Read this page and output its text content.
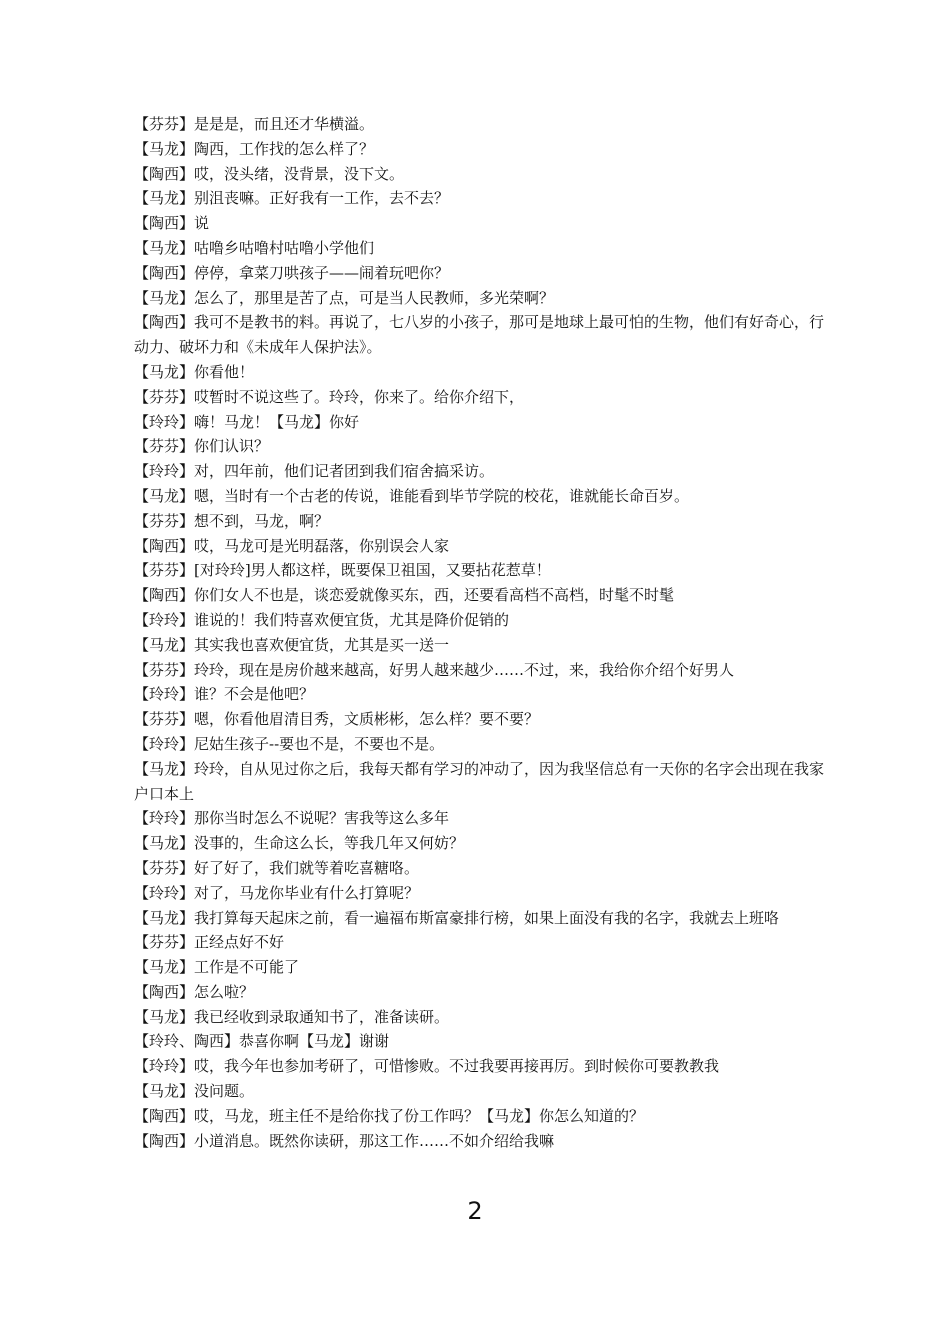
【芬芬】是是是，而且还才华横溢。
【马龙】陶西，工作找的怎么样了？
【陶西】哎，没头绪，没背景，没下文。
【马龙】别沮丧嘛。正好我有一工作，去不去？
【陶西】说
【马龙】咕噜乡咕噜村咕噜小学他们
【陶西】停停，拿菜刀哄孩子——闹着玩吧你？
【马龙】怎么了，那里是苦了点，可是当人民教师，多光荣啊？
【陶西】我可不是教书的料。再说了，七八岁的小孩子，那可是地球上最可怕的生物，他们有好奇心，行动力、破坏力和《未成年人保护法》。
【马龙】你看他！
【芬芬】哎暂时不说这些了。玲玲，你来了。给你介绍下，
【玲玲】嗨！马龙！【马龙】你好
【芬芬】你们认识？
【玲玲】对，四年前，他们记者团到我们宿舍搞采访。
【马龙】嗯，当时有一个古老的传说，谁能看到毕节学院的校花，谁就能长命百岁。
【芬芬】想不到，马龙，啊？
【陶西】哎，马龙可是光明磊落，你别误会人家
【芬芬】[对玲玲]男人都这样，既要保卫祖国，又要拈花惹草！
【陶西】你们女人不也是，谈恋爱就像买东，西，还要看高档不高档，时髦不时髦
【玲玲】谁说的！我们特喜欢便宜货，尤其是降价促销的
【马龙】其实我也喜欢便宜货，尤其是买一送一
【芬芬】玲玲，现在是房价越来越高，好男人越来越少……不过，来，我给你介绍个好男人
【玲玲】谁？不会是他吧？
【芬芬】嗯，你看他眉清目秀，文质彬彬，怎么样？要不要？
【玲玲】尼姑生孩子--要也不是，不要也不是。
【马龙】玲玲，自从见过你之后，我每天都有学习的冲动了，因为我坚信总有一天你的名字会出现在我家户口本上
【玲玲】那你当时怎么不说呢？害我等这么多年
【马龙】没事的，生命这么长，等我几年又何妨？
【芬芬】好了好了，我们就等着吃喜糖咯。
【玲玲】对了，马龙你毕业有什么打算呢？
【马龙】我打算每天起床之前，看一遍福布斯富豪排行榜，如果上面没有我的名字，我就去上班咯
【芬芬】正经点好不好
【马龙】工作是不可能了
【陶西】怎么啦？
【马龙】我已经收到录取通知书了，准备读研。
【玲玲、陶西】恭喜你啊【马龙】谢谢
【玲玲】哎，我今年也参加考研了，可惜惨败。不过我要再接再厉。到时候你可要教教我
【马龙】没问题。
【陶西】哎，马龙，班主任不是给你找了份工作吗？【马龙】你怎么知道的？
【陶西】小道消息。既然你读研，那这工作……不如介绍给我嘛
2
